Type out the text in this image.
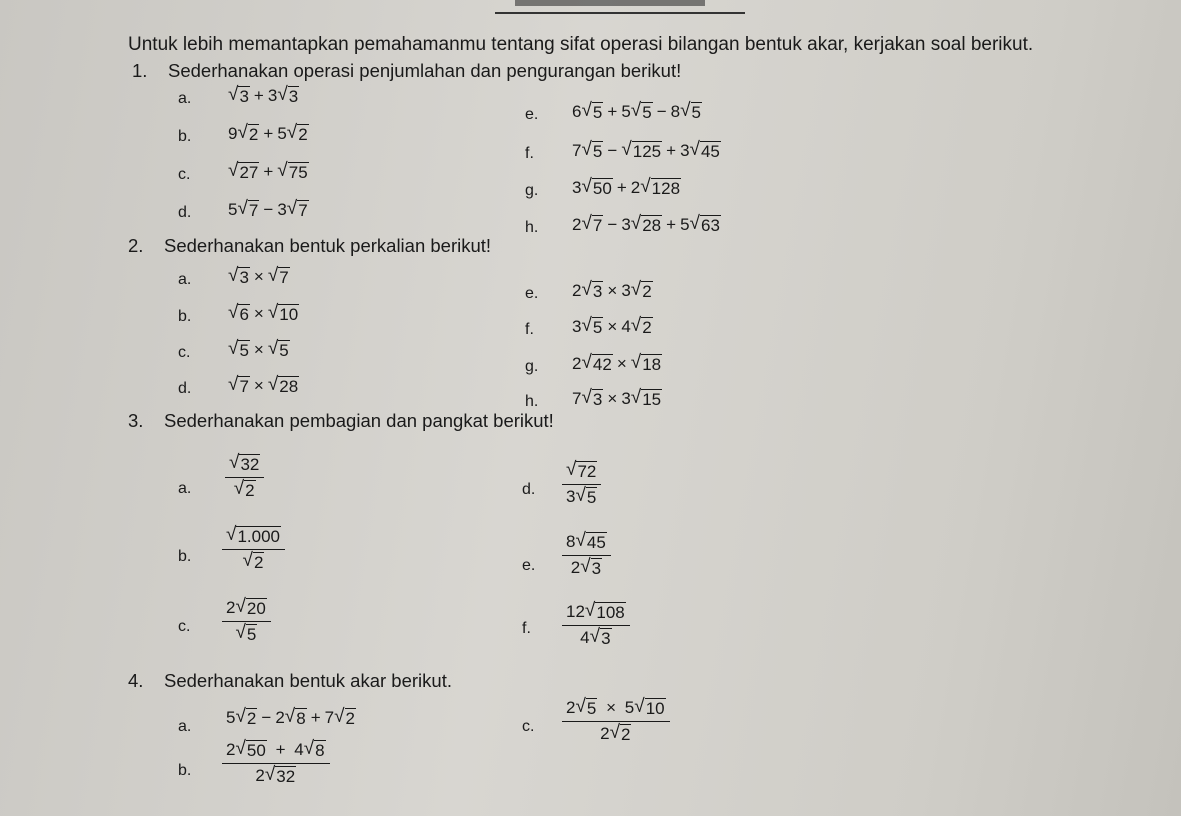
Untuk lebih memantapkan pemahamanmu tentang sifat operasi bilangan bentuk akar, kerjakan soal berikut.
1. Sederhanakan operasi penjumlahan dan pengurangan berikut!
a. √ 3 + 3 √ 3
b. 9 √ 2 + 5 √ 2
c. √ 27 + √ 75
d. 5 √ 7 − 3 √ 7
e. 6 √ 5 + 5 √ 5 − 8 √ 5
f. 7 √ 5 − √ 125 + 3 √ 45
g. 3 √ 50 + 2 √ 128
h. 2 √ 7 − 3 √ 28 + 5 √ 63
2. Sederhanakan bentuk perkalian berikut!
a. √ 3 × √ 7
b. √ 6 × √ 10
c. √ 5 × √ 5
d. √ 7 × √ 28
e. 2 √ 3 × 3 √ 2
f. 3 √ 5 × 4 √ 2
g. 2 √ 42 × √ 18
h. 7 √ 3 × 3 √ 15
3. Sederhanakan pembagian dan pangkat berikut!
a.
√ 32
√ 2
b.
√ 1.000
√ 2
c.
2 √ 20
√ 5
d.
√ 72
3 √ 5
e.
8 √ 45
2 √ 3
f.
12 √ 108
4 √ 3
4. Sederhanakan bentuk akar berikut.
a. 5 √ 2 − 2 √ 8 + 7 √ 2
b.
2 √ 50 + 4 √ 8
2 √ 32
c.
2 √ 5 × 5 √ 10
2 √ 2
